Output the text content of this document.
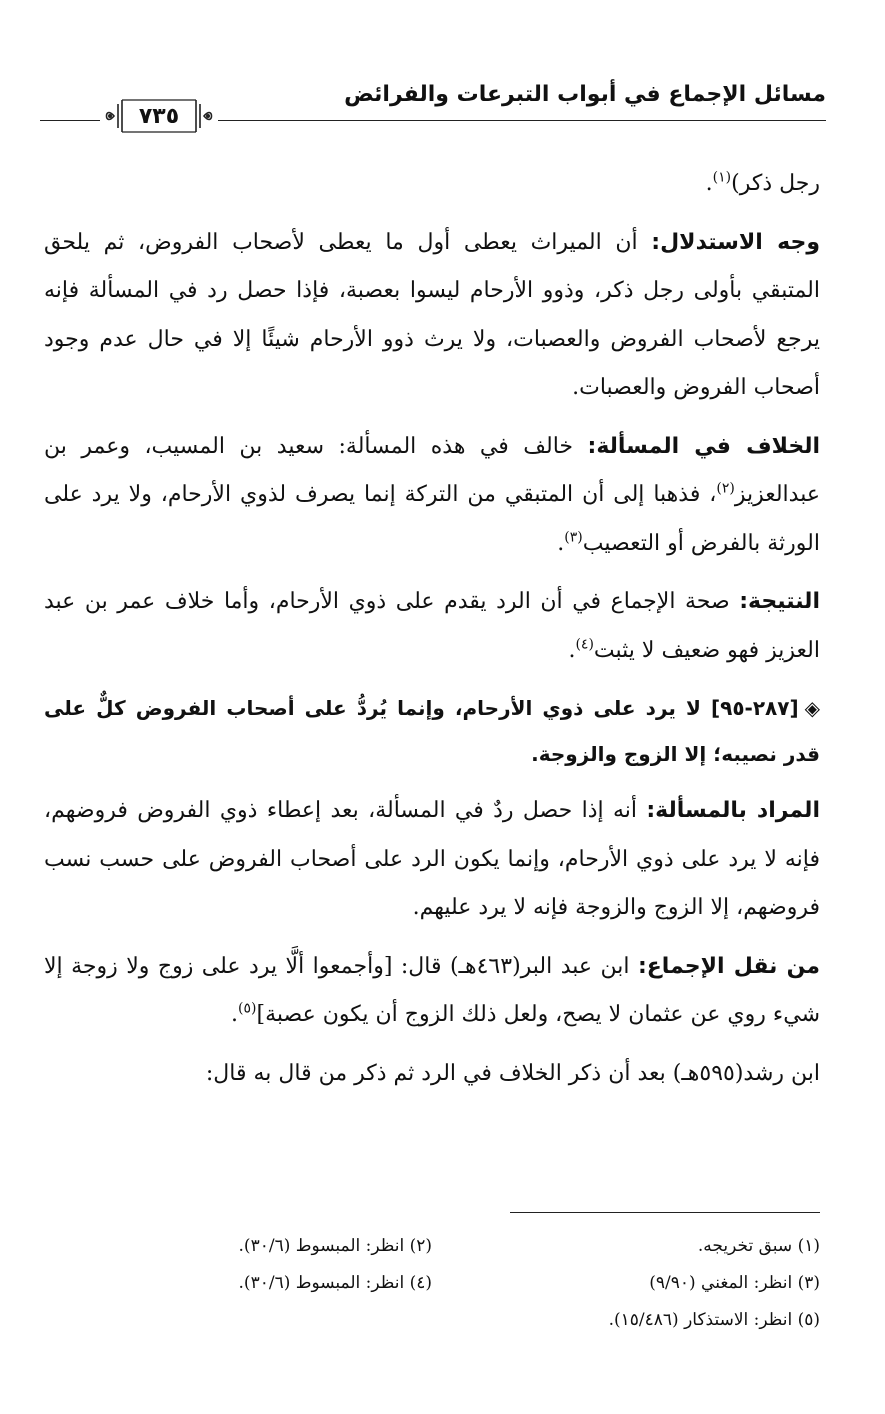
مسائل الإجماع في أبواب التبرعات والفرائض
٧٣٥

رجل ذكر)$^{(١)}$.

وجه الاستدلال: أن الميراث يعطى أول ما يعطى لأصحاب الفروض، ثم يلحق المتبقي بأولى رجل ذكر، وذوو الأرحام ليسوا بعصبة، فإذا حصل رد في المسألة فإنه يرجع لأصحاب الفروض والعصبات، ولا يرث ذوو الأرحام شيئًا إلا في حال عدم وجود أصحاب الفروض والعصبات.

الخلاف في المسألة: خالف في هذه المسألة: سعيد بن المسيب، وعمر بن عبدالعزيز$^{(٢)}$، فذهبا إلى أن المتبقي من التركة إنما يصرف لذوي الأرحام، ولا يرد على الورثة بالفرض أو التعصيب$^{(٣)}$.

النتيجة: صحة الإجماع في أن الرد يقدم على ذوي الأرحام، وأما خلاف عمر بن عبد العزيز فهو ضعيف لا يثبت$^{(٤)}$.

◈[٢٨٧-٩٥] لا يرد على ذوي الأرحام، وإنما يُردُّ على أصحاب الفروض كلٌّ على قدر نصيبه؛ إلا الزوج والزوجة.

المراد بالمسألة: أنه إذا حصل ردٌ في المسألة، بعد إعطاء ذوي الفروض فروضهم، فإنه لا يرد على ذوي الأرحام، وإنما يكون الرد على أصحاب الفروض على حسب نسب فروضهم، إلا الزوج والزوجة فإنه لا يرد عليهم.

من نقل الإجماع: ابن عبد البر(٤٦٣هـ) قال: [وأجمعوا ألَّا يرد على زوج ولا زوجة إلا شيء روي عن عثمان لا يصح، ولعل ذلك الزوج أن يكون عصبة]$^{(٥)}$.

ابن رشد(٥٩٥هـ) بعد أن ذكر الخلاف في الرد ثم ذكر من قال به قال:

(١) سبق تخريجه.
(٢) انظر: المبسوط (٣٠/٦).
(٣) انظر: المغني (٩/٩٠)
(٤) انظر: المبسوط (٣٠/٦).
(٥) انظر: الاستذكار (١٥/٤٨٦).
